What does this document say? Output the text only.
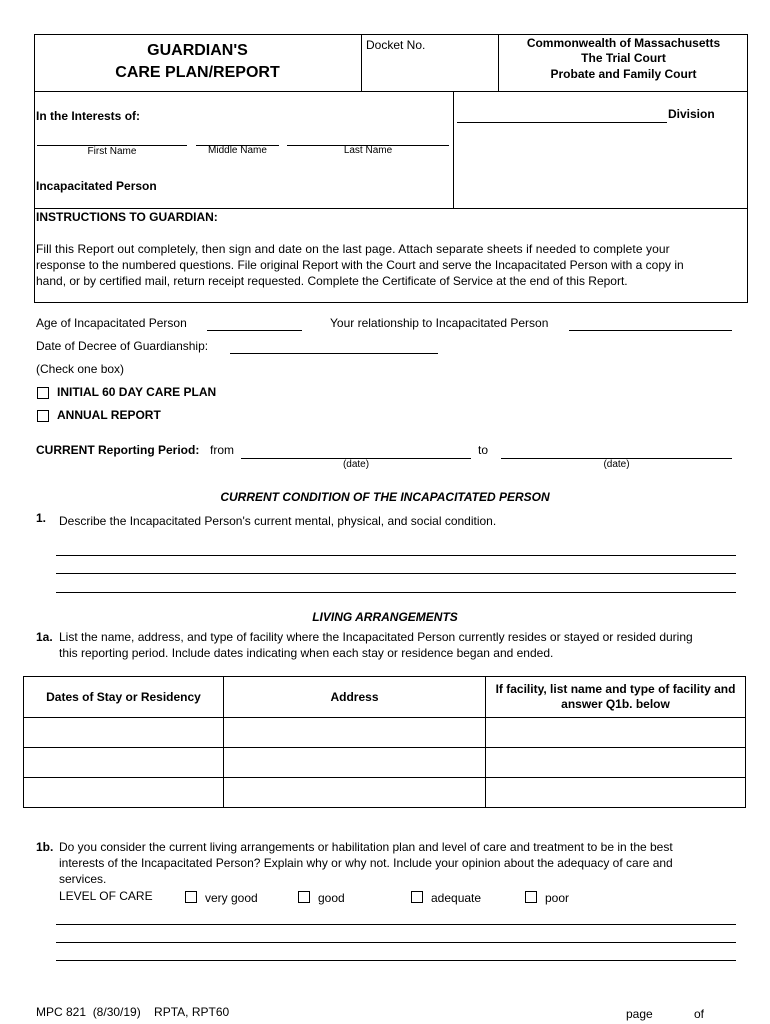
GUARDIAN'S
CARE PLAN/REPORT
Docket No.	Commonwealth of Massachusetts
The Trial Court
Probate and Family Court
In the Interests of:	Division
First Name	Middle Name	Last Name
Incapacitated Person
INSTRUCTIONS TO GUARDIAN:
Fill this Report out completely, then sign and date on the last page. Attach separate sheets if needed to complete your
response to the numbered questions. File original Report with the Court and serve the Incapacitated Person with a copy in
hand, or by certified mail, return receipt requested. Complete the Certificate of Service at the end of this Report.
Age of Incapacitated Person	Your relationship to Incapacitated Person
Date of Decree of Guardianship:
(Check one box)
INITIAL 60 DAY CARE PLAN
ANNUAL REPORT
CURRENT Reporting Period: from
(date)
to
(date)
CURRENT CONDITION OF THE INCAPACITATED PERSON
1. Describe the Incapacitated Person's current mental, physical, and social condition.
LIVING ARRANGEMENTS
1a. List the name, address, and type of facility where the Incapacitated Person currently resides or stayed or resided during
this reporting period. Include dates indicating when each stay or residence began and ended.
Dates of Stay or Residency	Address	If facility, list name and type of facility and answer Q1b. below

1b. Do you consider the current living arrangements or habilitation plan and level of care and treatment to be in the best
interests of the Incapacitated Person? Explain why or why not. Include your opinion about the adequacy of care and
services.
LEVEL OF CARE	very good	good	adequate	poor
MPC 821  (8/30/19)    RPTA, RPT60	page	of
